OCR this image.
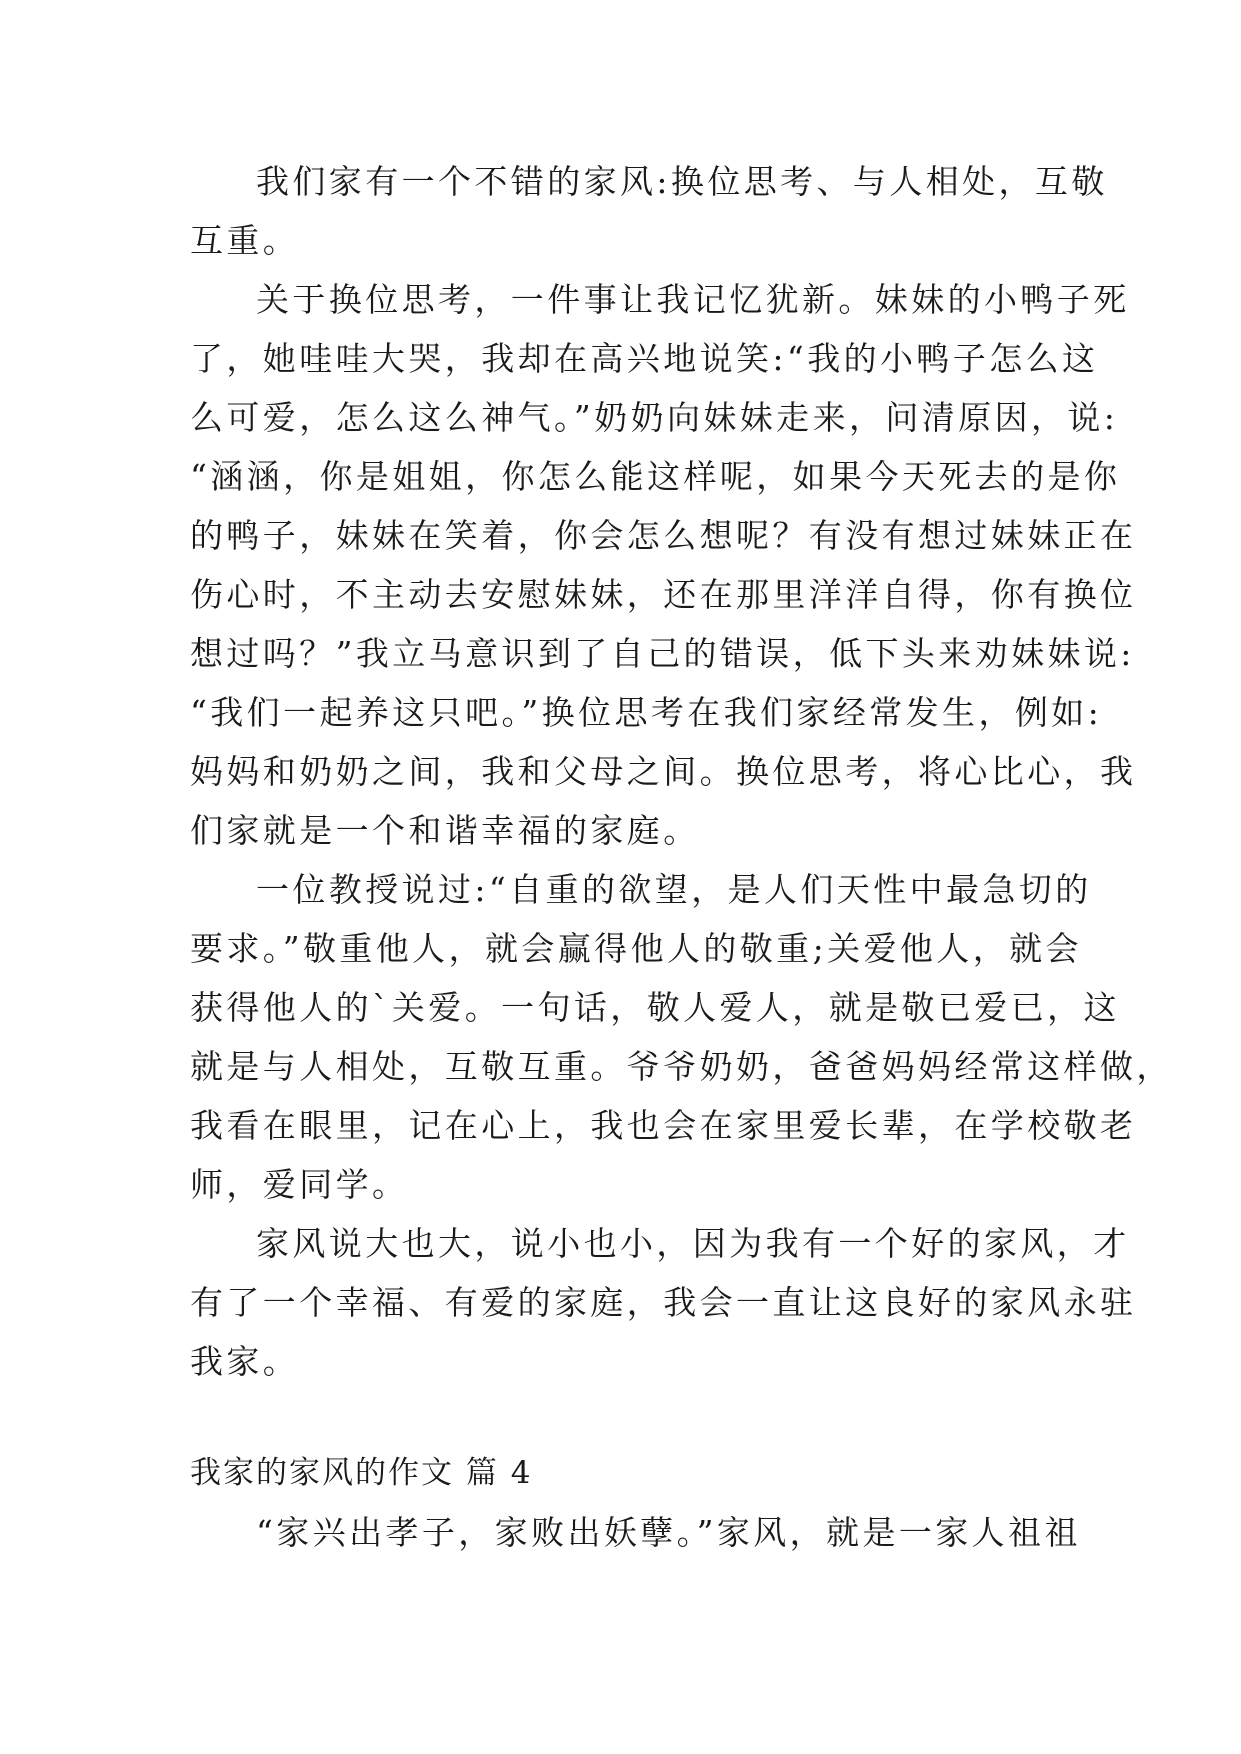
我们家有一个不错的家风:换位思考、与人相处，互敬
互重。
关于换位思考，一件事让我记忆犹新。妹妹的小鸭子死
了，她哇哇大哭，我却在高兴地说笑:“我的小鸭子怎么这
么可爱，怎么这么神气。”奶奶向妹妹走来，问清原因，说:
“涵涵，你是姐姐，你怎么能这样呢，如果今天死去的是你
的鸭子，妹妹在笑着，你会怎么想呢？有没有想过妹妹正在
伤心时，不主动去安慰妹妹，还在那里洋洋自得，你有换位
想过吗？”我立马意识到了自己的错误，低下头来劝妹妹说:
“我们一起养这只吧。”换位思考在我们家经常发生，例如:
妈妈和奶奶之间，我和父母之间。换位思考，将心比心，我
们家就是一个和谐幸福的家庭。
一位教授说过:“自重的欲望，是人们天性中最急切的
要求。”敬重他人，就会赢得他人的敬重;关爱他人，就会
获得他人的`关爱。一句话，敬人爱人，就是敬已爱已，这
就是与人相处，互敬互重。爷爷奶奶，爸爸妈妈经常这样做，
我看在眼里，记在心上，我也会在家里爱长辈，在学校敬老
师，爱同学。
家风说大也大，说小也小，因为我有一个好的家风，才
有了一个幸福、有爱的家庭，我会一直让这良好的家风永驻
我家。
我家的家风的作文 篇 4
“家兴出孝子，家败出妖孽。”家风，就是一家人祖祖
